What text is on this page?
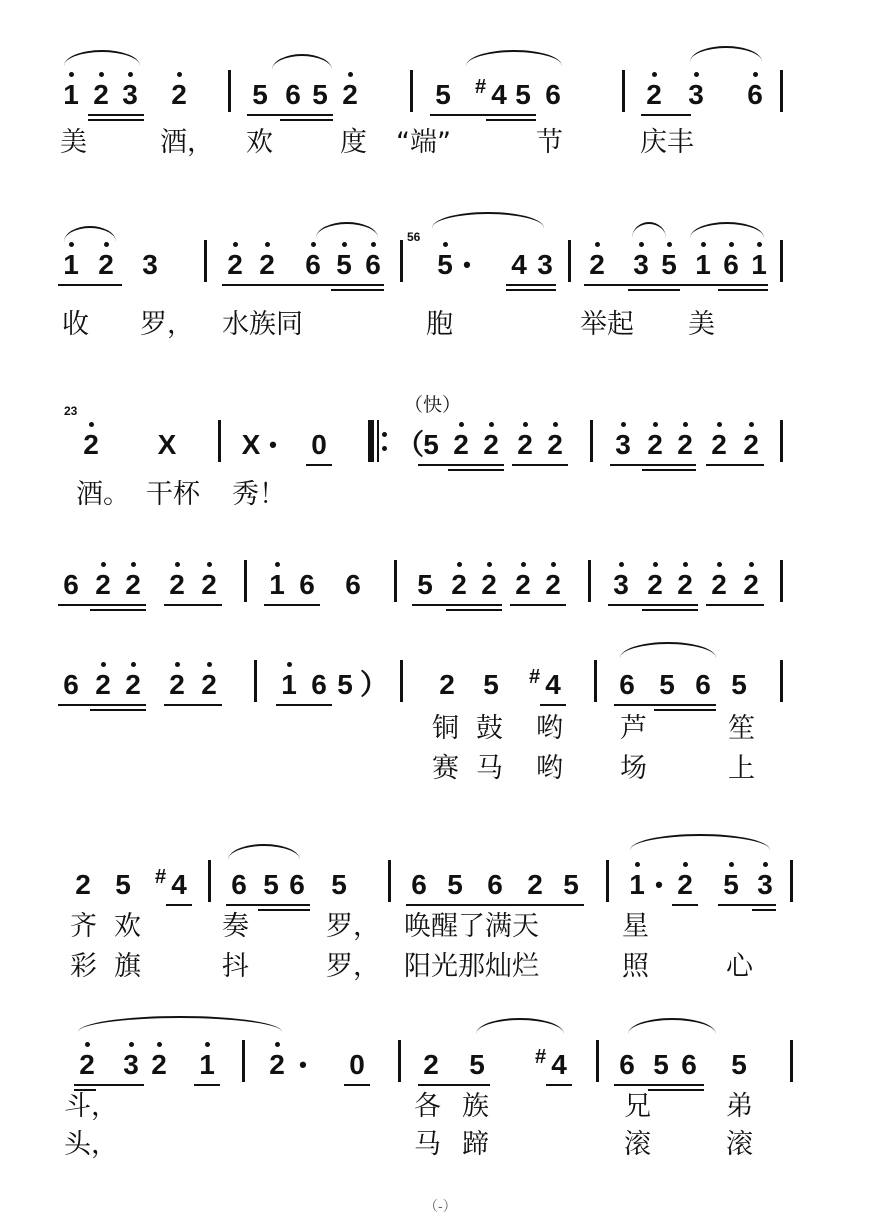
1 2 3 2 5 6 5 2	5 # 4 5 6	2 3 6
美	酒， 欢 度 “端”	节	庆丰
1 2 3 2 2 6 5 6
56
5 •	4 3 2 3 5 1 6 1
收 罗， 水族同	胞	举起 美
（快）
23
2 X X •	0 （ 5 2 2 2 2 3 2 2 2 2
酒。 干杯 秀！
6 2 2 2 2 1 6 6 5 2 2 2 2 3 2 2 2 2
6 2 2 2 2 1 6 5 ） 2 5 # 4 6 5 6 5
铜 鼓 哟 芦	笙
赛 马 哟 场	上
2 5 # 4 6 5 6 5 6 5 6 2 5 1 • 2 5 3
齐 欢	奏	罗， 唤醒了满天	星
彩 旗	抖	罗， 阳光那灿烂	照	心
2 3 2 1 2 •	0 2 5	# 4 6 5 6 5
斗，	各 族	兄	弟
头，	马 蹄	滚	滚
（-）
